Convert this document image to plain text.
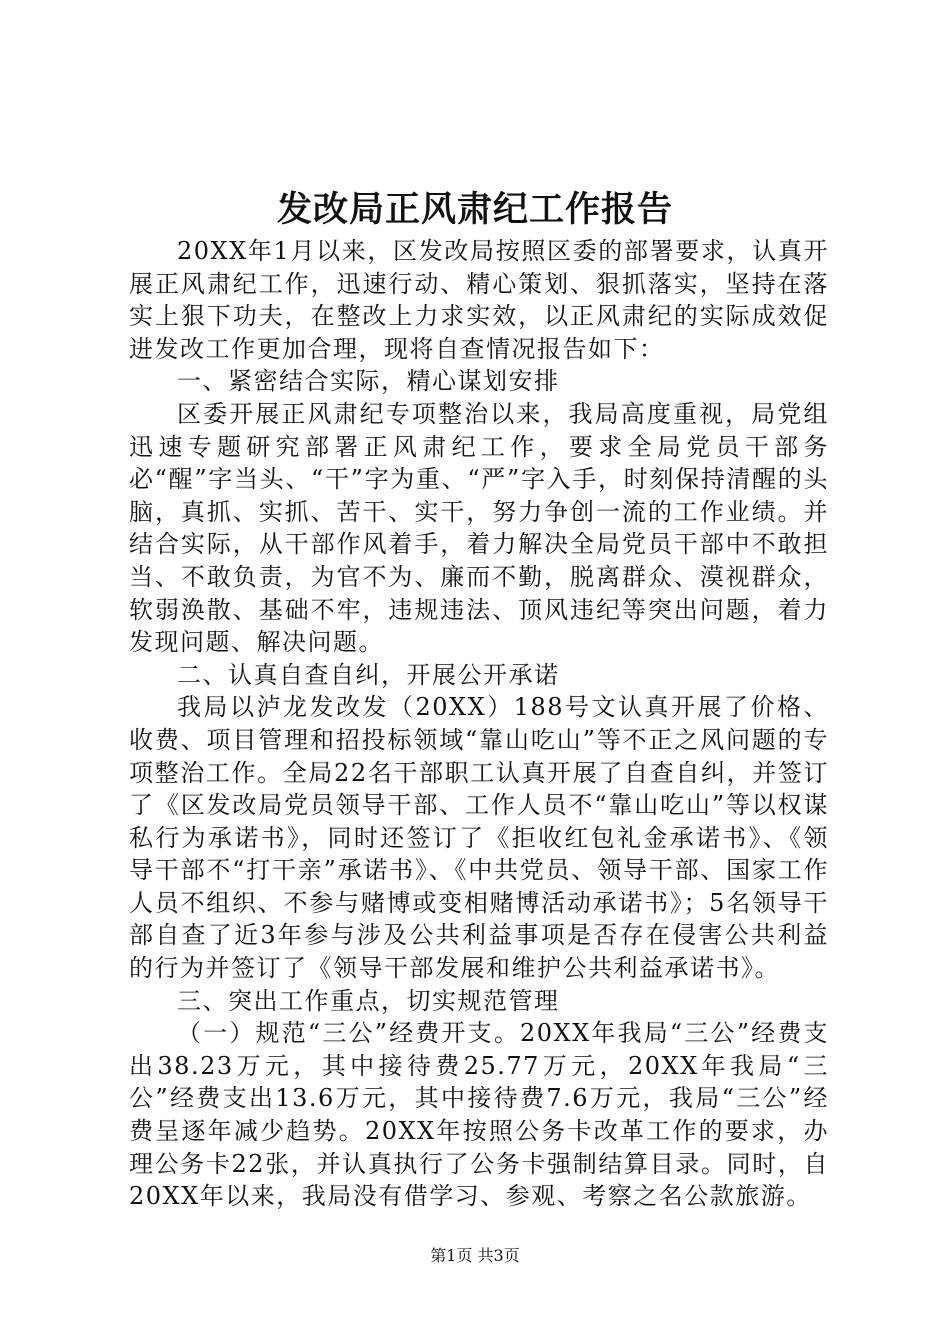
发改局正风肃纪工作报告

20XX年1月以来，区发改局按照区委的部署要求，认真开展正风肃纪工作，迅速行动、精心策划、狠抓落实，坚持在落实上狠下功夫，在整改上力求实效，以正风肃纪的实际成效促进发改工作更加合理，现将自查情况报告如下：

一、紧密结合实际，精心谋划安排

区委开展正风肃纪专项整治以来，我局高度重视，局党组迅速专题研究部署正风肃纪工作，要求全局党员干部务必“醒”字当头、“干”字为重、“严”字入手，时刻保持清醒的头脑，真抓、实抓、苦干、实干，努力争创一流的工作业绩。并结合实际，从干部作风着手，着力解决全局党员干部中不敢担当、不敢负责，为官不为、廉而不勤，脱离群众、漠视群众，软弱涣散、基础不牢，违规违法、顶风违纪等突出问题，着力发现问题、解决问题。

二、认真自查自纠，开展公开承诺

我局以泸龙发改发（20XX）188号文认真开展了价格、收费、项目管理和招投标领域“靠山吃山”等不正之风问题的专项整治工作。全局22名干部职工认真开展了自查自纠，并签订了《区发改局党员领导干部、工作人员不“靠山吃山”等以权谋私行为承诺书》，同时还签订了《拒收红包礼金承诺书》、《领导干部不“打干亲”承诺书》、《中共党员、领导干部、国家工作人员不组织、不参与赌博或变相赌博活动承诺书》；5名领导干部自查了近3年参与涉及公共利益事项是否存在侵害公共利益的行为并签订了《领导干部发展和维护公共利益承诺书》。

三、突出工作重点，切实规范管理

（一）规范“三公”经费开支。20XX年我局“三公”经费支出38.23万元，其中接待费25.77万元，20XX年我局“三公”经费支出13.6万元，其中接待费7.6万元，我局“三公”经费呈逐年减少趋势。20XX年按照公务卡改革工作的要求，办理公务卡22张，并认真执行了公务卡强制结算目录。同时，自20XX年以来，我局没有借学习、参观、考察之名公款旅游。

第1页 共3页
